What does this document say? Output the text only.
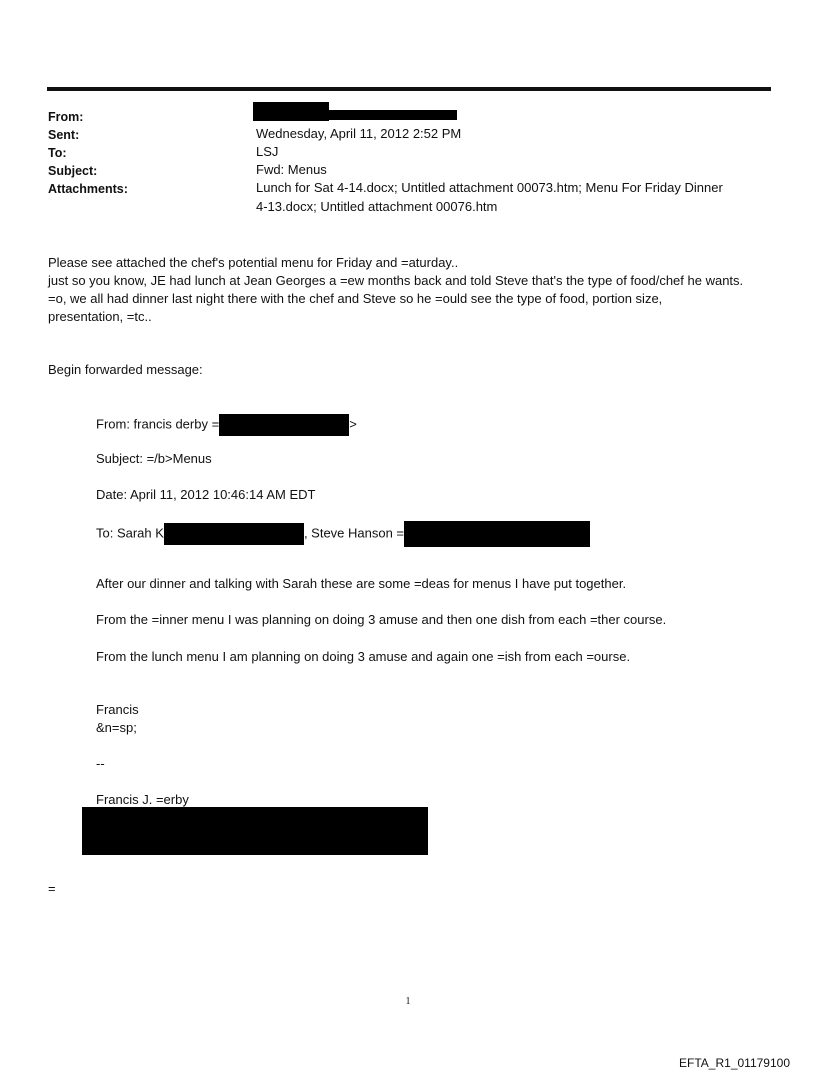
From:
Sent:
To:
Subject:
Attachments:
Wednesday, April 11, 2012 2:52 PM
LSJ
Fwd: Menus
Lunch for Sat 4-14.docx; Untitled attachment 00073.htm; Menu For Friday Dinner
4-13.docx; Untitled attachment 00076.htm
Please see attached the chef's potential menu for Friday and =aturday..
just so you know, JE had lunch at Jean Georges a =ew months back and told Steve that's the type of food/chef he wants.
=o, we all had dinner last night there with the chef and Steve so he =ould see the type of food, portion size,
presentation, =tc..
Begin forwarded message:
From: francis derby =	>
Subject: =/b>Menus
Date: April 11, 2012 10:46:14 AM EDT
To: Sarah K	, Steve Hanson =
After our dinner and talking with Sarah these are some =deas for menus I have put together.
From the =inner menu I was planning on doing 3 amuse and then one dish from each =ther course.
From the lunch menu I am planning on doing 3 amuse and again one =ish from each =ourse.
Francis
&n=sp;
--
Francis J. =erby
=
1
EFTA_R1_01179100
